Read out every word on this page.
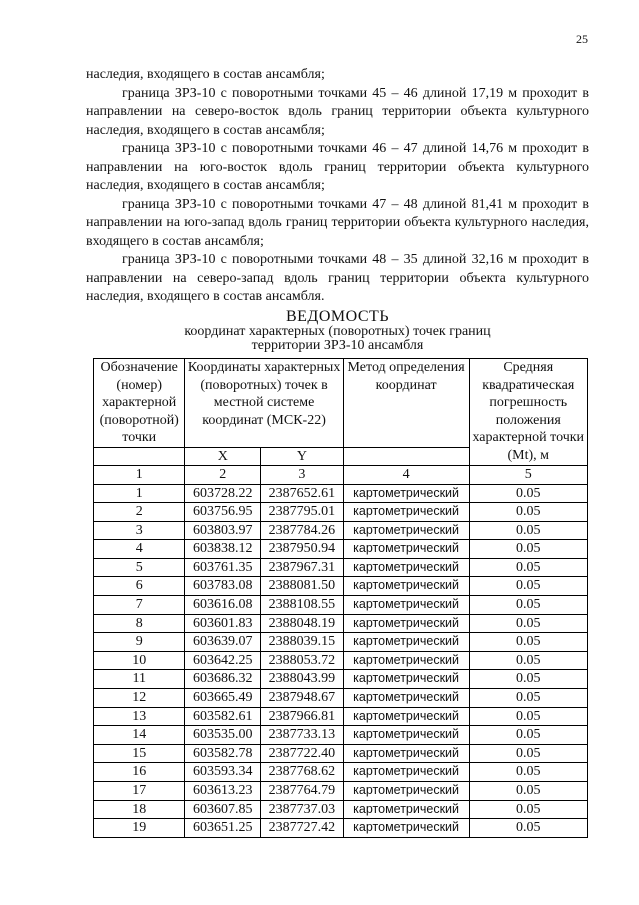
25

наследия, входящего в состав ансамбля;

граница ЗРЗ-10 с поворотными точками 45 – 46 длиной 17,19 м проходит в направлении на северо-восток вдоль границ территории объекта культурного наследия, входящего в состав ансамбля;

граница ЗРЗ-10 с поворотными точками 46 – 47 длиной 14,76 м проходит в направлении на юго-восток вдоль границ территории объекта культурного наследия, входящего в состав ансамбля;

граница ЗРЗ-10 с поворотными точками 47 – 48 длиной 81,41 м проходит в направлении на юго-запад вдоль границ территории объекта культурного наследия, входящего в состав ансамбля;

граница ЗРЗ-10 с поворотными точками 48 – 35 длиной 32,16 м проходит в направлении на северо-запад вдоль границ территории объекта культурного наследия, входящего в состав ансамбля.

ВЕДОМОСТЬ
координат характерных (поворотных) точек границ
территории ЗРЗ-10 ансамбля
Обозначение (номер) характерной (поворотной) точки	Координаты характерных (поворотных) точек в местной системе координат (МСК-22)		Метод определения координат	Средняя квадратическая погрешность положения характерной точки (Mt), м

	X	Y		
1	2	3	4	5
1	603728.22	2387652.61	картометрический	0.05
2	603756.95	2387795.01	картометрический	0.05
3	603803.97	2387784.26	картометрический	0.05
4	603838.12	2387950.94	картометрический	0.05
5	603761.35	2387967.31	картометрический	0.05
6	603783.08	2388081.50	картометрический	0.05
7	603616.08	2388108.55	картометрический	0.05
8	603601.83	2388048.19	картометрический	0.05
9	603639.07	2388039.15	картометрический	0.05
10	603642.25	2388053.72	картометрический	0.05
11	603686.32	2388043.99	картометрический	0.05
12	603665.49	2387948.67	картометрический	0.05
13	603582.61	2387966.81	картометрический	0.05
14	603535.00	2387733.13	картометрический	0.05
15	603582.78	2387722.40	картометрический	0.05
16	603593.34	2387768.62	картометрический	0.05
17	603613.23	2387764.79	картометрический	0.05
18	603607.85	2387737.03	картометрический	0.05
19	603651.25	2387727.42	картометрический	0.05
